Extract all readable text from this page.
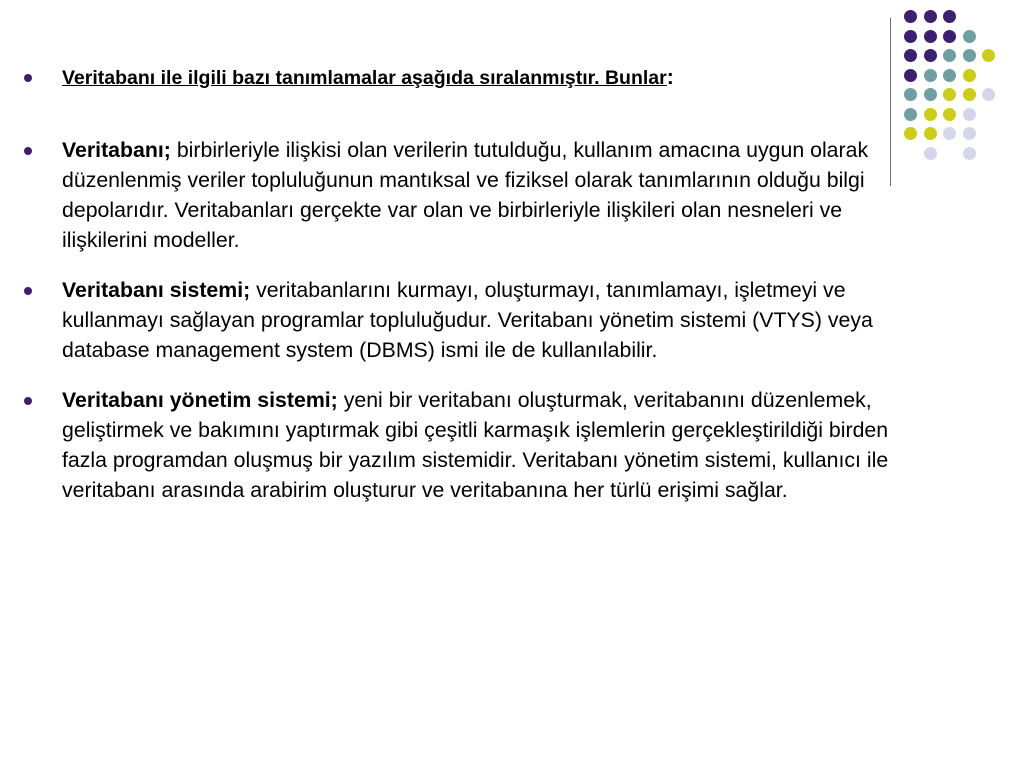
Veritabanı ile ilgili bazı tanımlamalar aşağıda sıralanmıştır. Bunlar:
Veritabanı; birbirleriyle ilişkisi olan verilerin tutulduğu, kullanım amacına uygun olarak düzenlenmiş veriler topluluğunun mantıksal ve fiziksel olarak tanımlarının olduğu bilgi depolarıdır. Veritabanları gerçekte var olan ve birbirleriyle ilişkileri olan nesneleri ve ilişkilerini modeller.
Veritabanı sistemi; veritabanlarını kurmayı, oluşturmayı, tanımlamayı, işletmeyi ve kullanmayı sağlayan programlar topluluğudur. Veritabanı yönetim sistemi (VTYS) veya database management system (DBMS) ismi ile de kullanılabilir.
Veritabanı yönetim sistemi; yeni bir veritabanı oluşturmak, veritabanını düzenlemek, geliştirmek ve bakımını yaptırmak gibi çeşitli karmaşık işlemlerin gerçekleştirildiği birden fazla programdan oluşmuş bir yazılım sistemidir. Veritabanı yönetim sistemi, kullanıcı ile veritabanı arasında arabirim oluşturur ve veritabanına her türlü erişimi sağlar.
